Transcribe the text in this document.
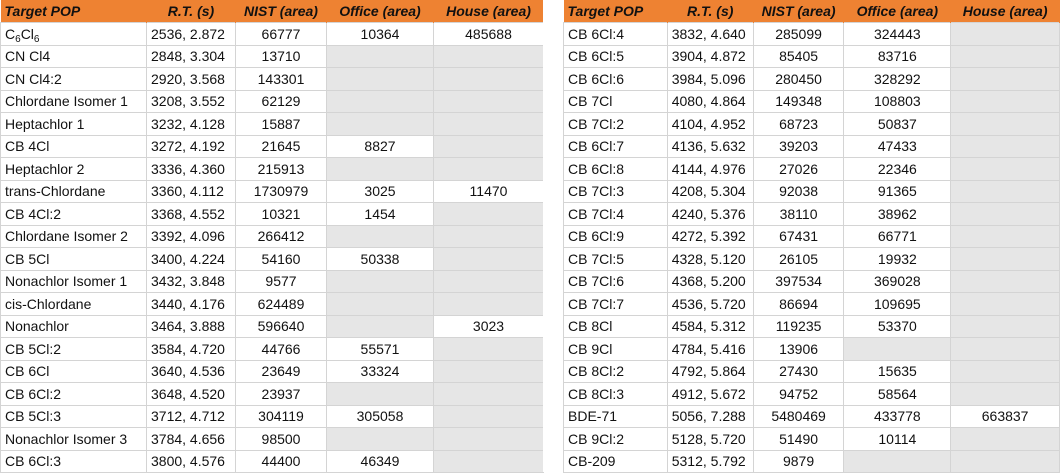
Target POP	R.T. (s)	NIST (area)	Office (area)	House (area)
$C_6Cl_6$	2536, 2.872	66777	10364	485688
CN Cl4	2848, 3.304	13710		
CN Cl4:2	2920, 3.568	143301		
Chlordane Isomer 1	3208, 3.552	62129		
Heptachlor 1	3232, 4.128	15887		
CB 4Cl	3272, 4.192	21645	8827	
Heptachlor 2	3336, 4.360	215913		
trans-Chlordane	3360, 4.112	1730979	3025	11470
CB 4Cl:2	3368, 4.552	10321	1454	
Chlordane Isomer 2	3392, 4.096	266412		
CB 5Cl	3400, 4.224	54160	50338	
Nonachlor Isomer 1	3432, 3.848	9577		
cis-Chlordane	3440, 4.176	624489		
Nonachlor	3464, 3.888	596640		3023
CB 5Cl:2	3584, 4.720	44766	55571	
CB 6Cl	3640, 4.536	23649	33324	
CB 6Cl:2	3648, 4.520	23937		
CB 5Cl:3	3712, 4.712	304119	305058	
Nonachlor Isomer 3	3784, 4.656	98500		
CB 6Cl:3	3800, 4.576	44400	46349	
Target POP	R.T. (s)	NIST (area)	Office (area)	House (area)
CB 6Cl:4	3832, 4.640	285099	324443	
CB 6Cl:5	3904, 4.872	85405	83716	
CB 6Cl:6	3984, 5.096	280450	328292	
CB 7Cl	4080, 4.864	149348	108803	
CB 7Cl:2	4104, 4.952	68723	50837	
CB 6Cl:7	4136, 5.632	39203	47433	
CB 6Cl:8	4144, 4.976	27026	22346	
CB 7Cl:3	4208, 5.304	92038	91365	
CB 7Cl:4	4240, 5.376	38110	38962	
CB 6Cl:9	4272, 5.392	67431	66771	
CB 7Cl:5	4328, 5.120	26105	19932	
CB 7Cl:6	4368, 5.200	397534	369028	
CB 7Cl:7	4536, 5.720	86694	109695	
CB 8Cl	4584, 5.312	119235	53370	
CB 9Cl	4784, 5.416	13906		
CB 8Cl:2	4792, 5.864	27430	15635	
CB 8Cl:3	4912, 5.672	94752	58564	
BDE-71	5056, 7.288	5480469	433778	663837
CB 9Cl:2	5128, 5.720	51490	10114	
CB-209	5312, 5.792	9879		
